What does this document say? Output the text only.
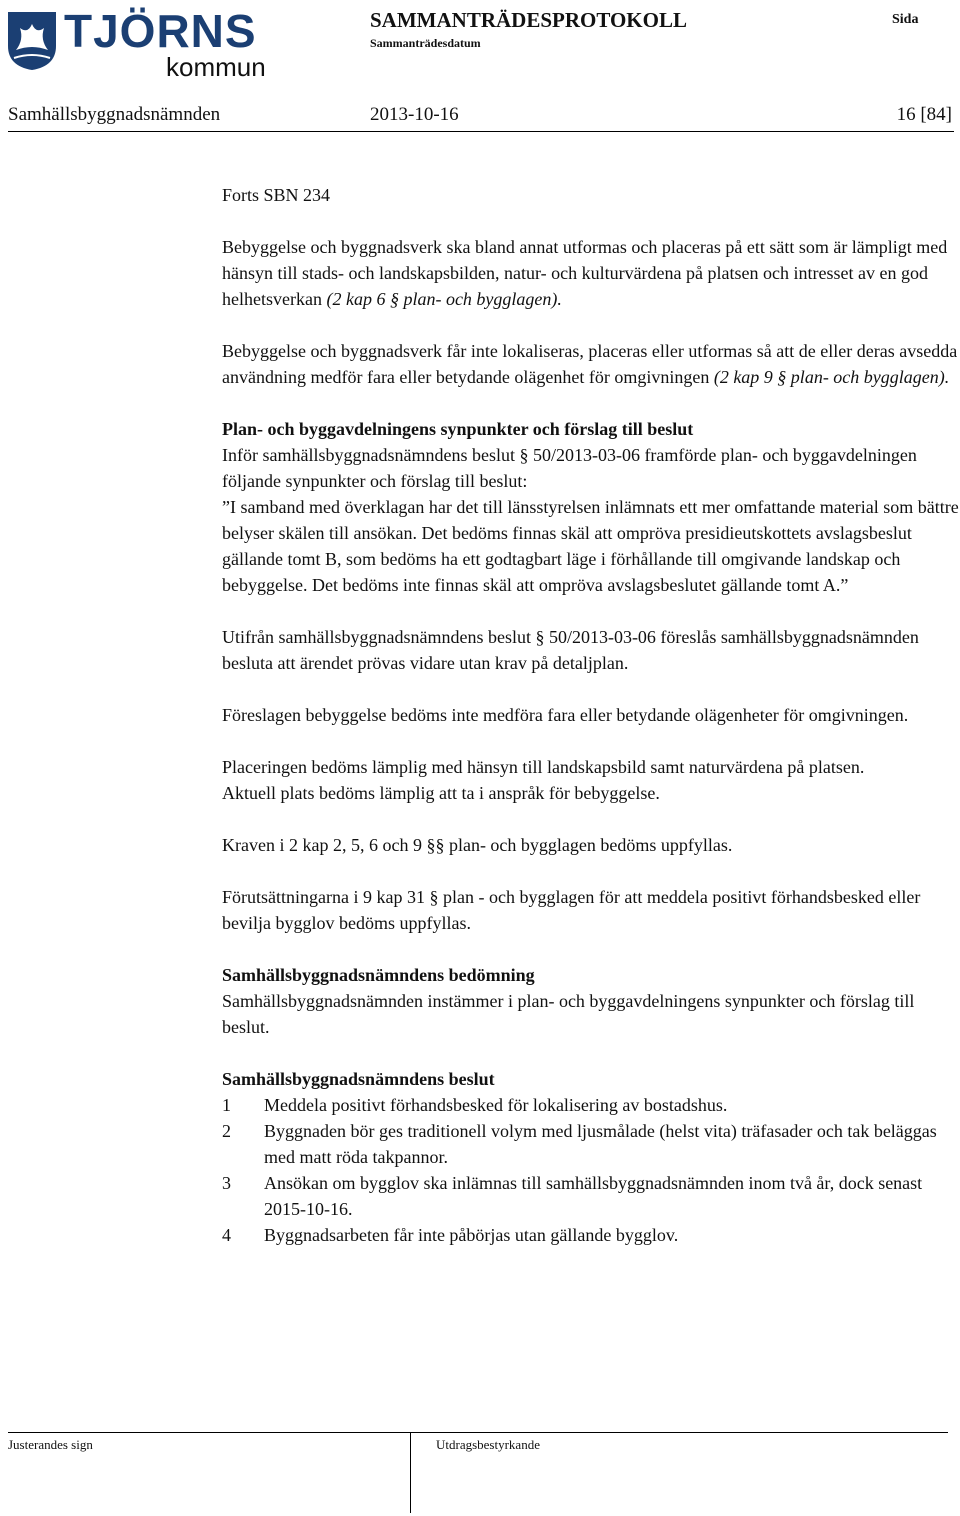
TJÖRNS
kommun
SAMMANTRÄDESPROTOKOLL
Sammanträdesdatum
Sida
Samhällsbyggnadsnämnden	2013-10-16	16 [84]

Forts SBN 234

Bebyggelse och byggnadsverk ska bland annat utformas och placeras på ett sätt som är lämpligt med hänsyn till stads- och landskapsbilden, natur- och kulturvärdena på platsen och intresset av en god helhetsverkan (2 kap 6 § plan- och bygglagen).

Bebyggelse och byggnadsverk får inte lokaliseras, placeras eller utformas så att de eller deras avsedda användning medför fara eller betydande olägenhet för omgivningen (2 kap 9 § plan- och bygglagen).

Plan- och byggavdelningens synpunkter och förslag till beslut

Inför samhällsbyggnadsnämndens beslut § 50/2013-03-06 framförde plan- och byggavdelningen följande synpunkter och förslag till beslut:

”I samband med överklagan har det till länsstyrelsen inlämnats ett mer omfattande material som bättre belyser skälen till ansökan. Det bedöms finnas skäl att ompröva presidieutskottets avslagsbeslut gällande tomt B, som bedöms ha ett godtagbart läge i förhållande till omgivande landskap och bebyggelse. Det bedöms inte finnas skäl att ompröva avslagsbeslutet gällande tomt A.”

Utifrån samhällsbyggnadsnämndens beslut § 50/2013-03-06 föreslås samhällsbyggnadsnämnden besluta att ärendet prövas vidare utan krav på detaljplan.

Föreslagen bebyggelse bedöms inte medföra fara eller betydande olägenheter för omgivningen.

Placeringen bedöms lämplig med hänsyn till landskapsbild samt naturvärdena på platsen.

Aktuell plats bedöms lämplig att ta i anspråk för bebyggelse.

Kraven i 2 kap 2, 5, 6 och 9 §§ plan- och bygglagen bedöms uppfyllas.

Förutsättningarna i 9 kap 31 § plan - och bygglagen för att meddela positivt förhandsbesked eller bevilja bygglov bedöms uppfyllas.

Samhällsbyggnadsnämndens bedömning

Samhällsbyggnadsnämnden instämmer i plan- och byggavdelningens synpunkter och förslag till beslut.

Samhällsbyggnadsnämndens beslut

1 Meddela positivt förhandsbesked för lokalisering av bostadshus.
2 Byggnaden bör ges traditionell volym med ljusmålade (helst vita) träfasader och tak beläggas med matt röda takpannor.
3 Ansökan om bygglov ska inlämnas till samhällsbyggnadsnämnden inom två år, dock senast 2015-10-16.
4 Byggnadsarbeten får inte påbörjas utan gällande bygglov.
Justerandes sign	Utdragsbestyrkande
